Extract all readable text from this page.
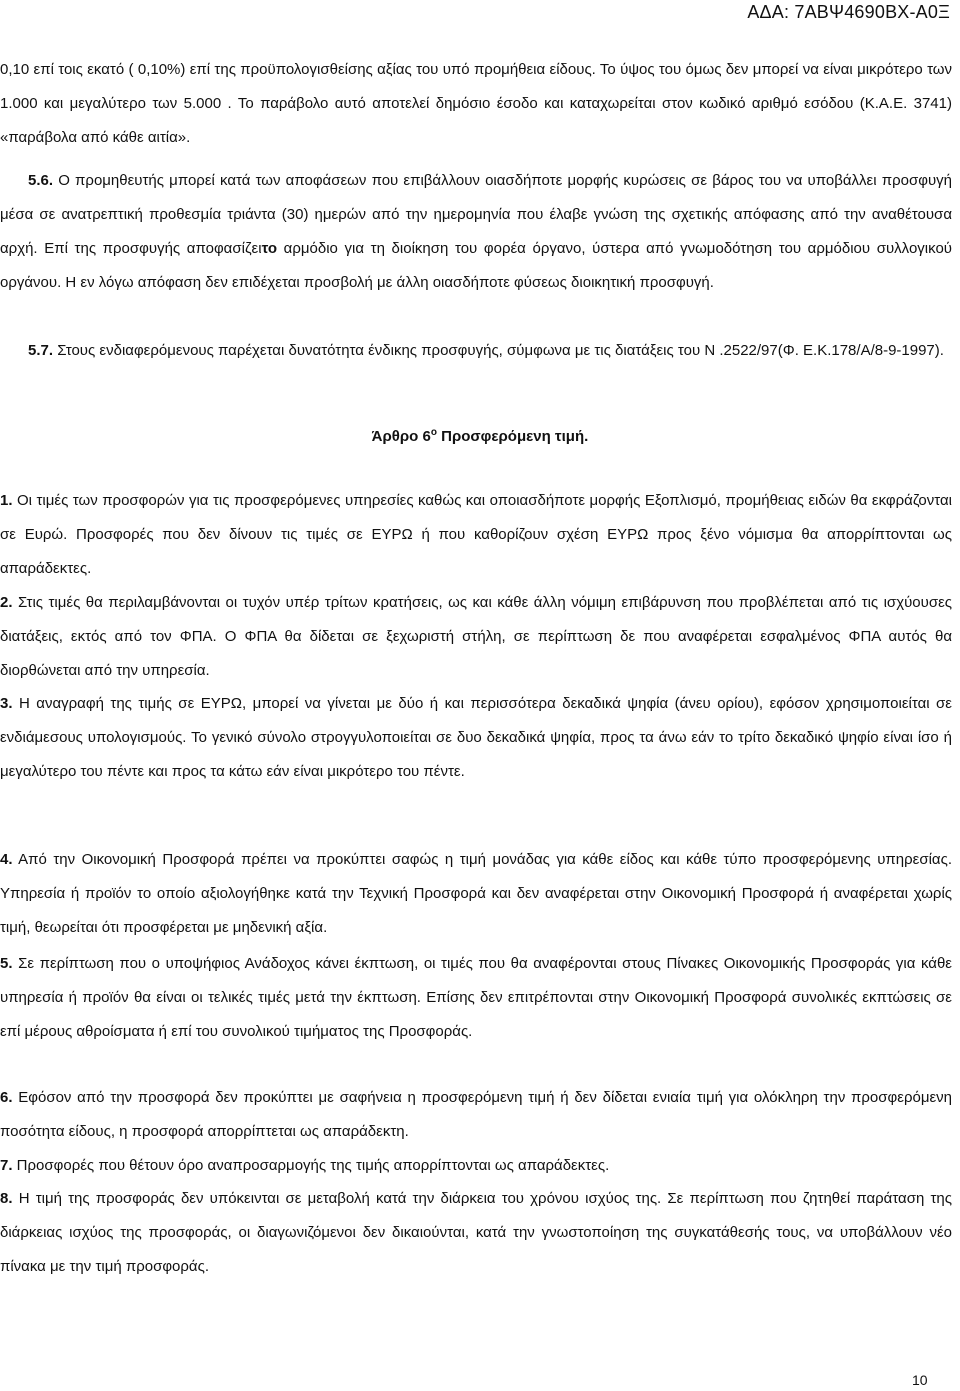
ΑΔΑ: 7ΑΒΨ4690ΒΧ-Α0Ξ

0,10 επί τοις εκατό ( 0,10%) επί της προϋπολογισθείσης αξίας του υπό προμήθεια είδους. Το ύψος του όμως δεν μπορεί να είναι μικρότερο των 1.000 και μεγαλύτερο των 5.000 . Το παράβολο αυτό αποτελεί δημόσιο έσοδο και καταχωρείται στον κωδικό αριθμό εσόδου (Κ.Α.Ε. 3741) «παράβολα από κάθε αιτία».

5.6. Ο προμηθευτής μπορεί κατά των αποφάσεων που επιβάλλουν οιασδήποτε μορφής κυρώσεις σε βάρος του να υποβάλλει προσφυγή μέσα σε ανατρεπτική προθεσμία τριάντα (30) ημερών από την ημερομηνία που έλαβε γνώση της σχετικής απόφασης από την αναθέτουσα αρχή. Επί της προσφυγής αποφασίζειτο αρμόδιο για τη διοίκηση του φορέα όργανο, ύστερα από γνωμοδότηση του αρμόδιου συλλογικού οργάνου. Η εν λόγω απόφαση δεν επιδέχεται προσβολή με άλλη οιασδήποτε φύσεως διοικητική προσφυγή.

5.7. Στους ενδιαφερόμενους παρέχεται δυνατότητα ένδικης προσφυγής, σύμφωνα με τις διατάξεις του Ν .2522/97(Φ. Ε.Κ.178/Α/8-9-1997).

Άρθρο $6^o$ Προσφερόμενη τιμή.

1. Οι τιμές των προσφορών για τις προσφερόμενες υπηρεσίες καθώς και οποιασδήποτε μορφής Εξοπλισμό, προμήθειας ειδών θα εκφράζονται σε Ευρώ. Προσφορές που δεν δίνουν τις τιμές σε ΕΥΡΩ ή που καθορίζουν σχέση ΕΥΡΩ προς ξένο νόμισμα θα απορρίπτονται ως απαράδεκτες.

2. Στις τιμές θα περιλαμβάνονται οι τυχόν υπέρ τρίτων κρατήσεις, ως και κάθε άλλη νόμιμη επιβάρυνση που προβλέπεται από τις ισχύουσες διατάξεις, εκτός από τον ΦΠΑ. Ο ΦΠΑ θα δίδεται σε ξεχωριστή στήλη, σε περίπτωση δε που αναφέρεται εσφαλμένος ΦΠΑ αυτός θα διορθώνεται από την υπηρεσία.

3. Η αναγραφή της τιμής σε ΕΥΡΩ, μπορεί να γίνεται με δύο ή και περισσότερα δεκαδικά ψηφία (άνευ ορίου), εφόσον χρησιμοποιείται σε ενδιάμεσους υπολογισμούς. Το γενικό σύνολο στρογγυλοποιείται σε δυο δεκαδικά ψηφία, προς τα άνω εάν το τρίτο δεκαδικό ψηφίο είναι ίσο ή μεγαλύτερο του πέντε και προς τα κάτω εάν είναι μικρότερο του πέντε.

4. Από την Οικονομική Προσφορά πρέπει να προκύπτει σαφώς η τιμή μονάδας για κάθε είδος και κάθε τύπο προσφερόμενης υπηρεσίας. Υπηρεσία ή προϊόν το οποίο αξιολογήθηκε κατά την Τεχνική Προσφορά και δεν αναφέρεται στην Οικονομική Προσφορά ή αναφέρεται χωρίς τιμή, θεωρείται ότι προσφέρεται με μηδενική αξία.

5. Σε περίπτωση που ο υποψήφιος Ανάδοχος κάνει έκπτωση, οι τιμές που θα αναφέρονται στους Πίνακες Οικονομικής Προσφοράς για κάθε υπηρεσία ή προϊόν θα είναι οι τελικές τιμές μετά την έκπτωση. Επίσης δεν επιτρέπονται στην Οικονομική Προσφορά συνολικές εκπτώσεις σε επί μέρους αθροίσματα ή επί του συνολικού τιμήματος της Προσφοράς.

6. Εφόσον από την προσφορά δεν προκύπτει με σαφήνεια η προσφερόμενη τιμή ή δεν δίδεται ενιαία τιμή για ολόκληρη την προσφερόμενη ποσότητα είδους, η προσφορά απορρίπτεται ως απαράδεκτη.

7. Προσφορές που θέτουν όρο αναπροσαρμογής της τιμής απορρίπτονται ως απαράδεκτες.

8. Η τιμή της προσφοράς δεν υπόκεινται σε μεταβολή κατά την διάρκεια του χρόνου ισχύος της. Σε περίπτωση που ζητηθεί παράταση της διάρκειας ισχύος της προσφοράς, οι διαγωνιζόμενοι δεν δικαιούνται, κατά την γνωστοποίηση της συγκατάθεσής τους, να υποβάλλουν νέο πίνακα με την τιμή προσφοράς.

10
